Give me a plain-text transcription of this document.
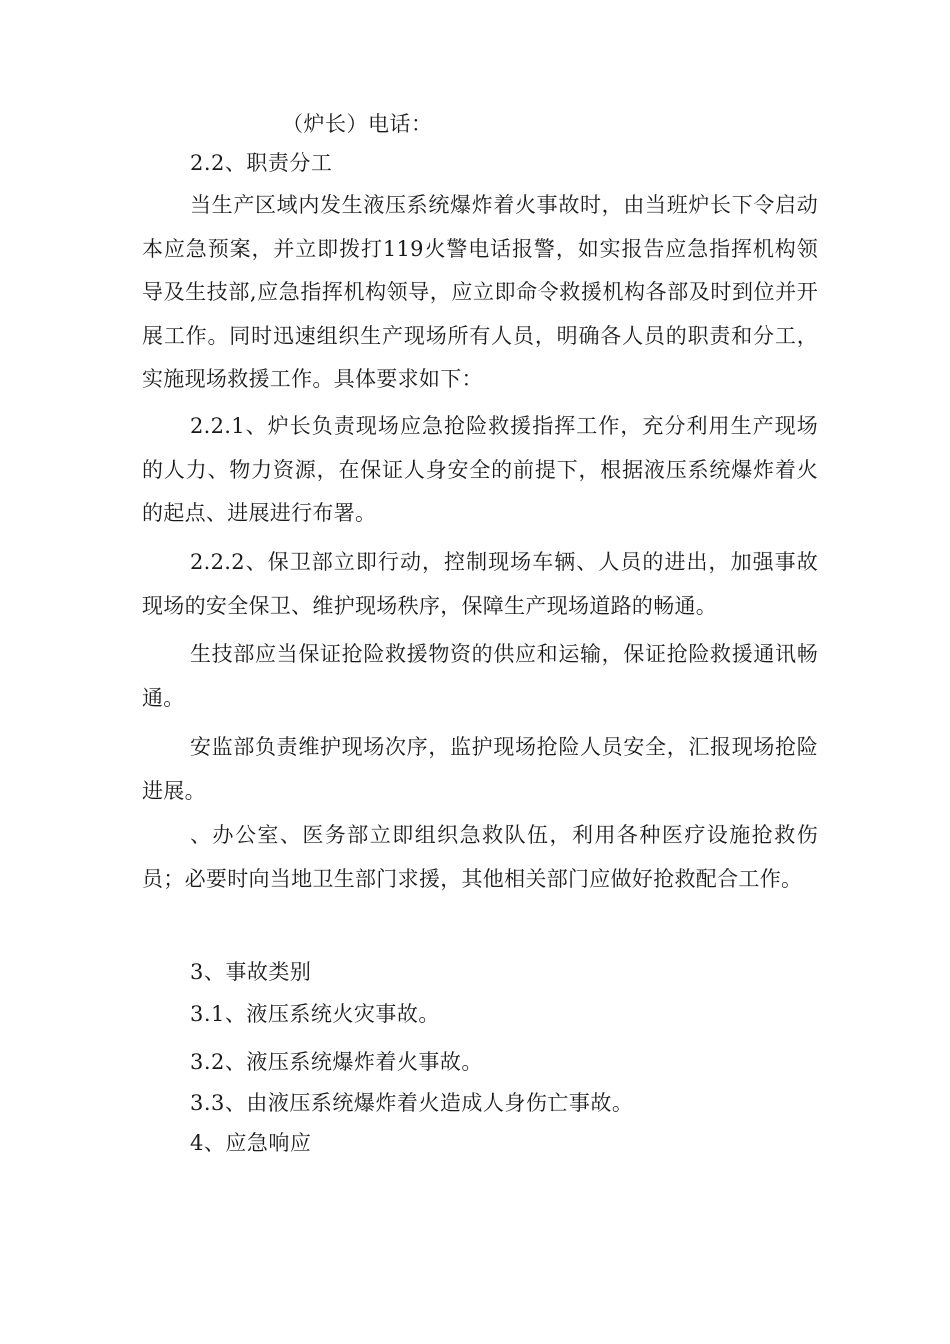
（炉长）电话：

2.2、职责分工

当生产区域内发生液压系统爆炸着火事故时，由当班炉长下令启动本应急预案，并立即拨打119火警电话报警，如实报告应急指挥机构领导及生技部,应急指挥机构领导，应立即命令救援机构各部及时到位并开展工作。同时迅速组织生产现场所有人员，明确各人员的职责和分工，实施现场救援工作。具体要求如下：

2.2.1、炉长负责现场应急抢险救援指挥工作，充分利用生产现场的人力、物力资源，在保证人身安全的前提下，根据液压系统爆炸着火的起点、进展进行布署。

2.2.2、保卫部立即行动，控制现场车辆、人员的进出，加强事故现场的安全保卫、维护现场秩序，保障生产现场道路的畅通。

生技部应当保证抢险救援物资的供应和运输，保证抢险救援通讯畅通。

安监部负责维护现场次序，监护现场抢险人员安全，汇报现场抢险进展。

、办公室、医务部立即组织急救队伍，利用各种医疗设施抢救伤员；必要时向当地卫生部门求援，其他相关部门应做好抢救配合工作。

3、事故类别

3.1、液压系统火灾事故。

3.2、液压系统爆炸着火事故。

3.3、由液压系统爆炸着火造成人身伤亡事故。

4、应急响应
